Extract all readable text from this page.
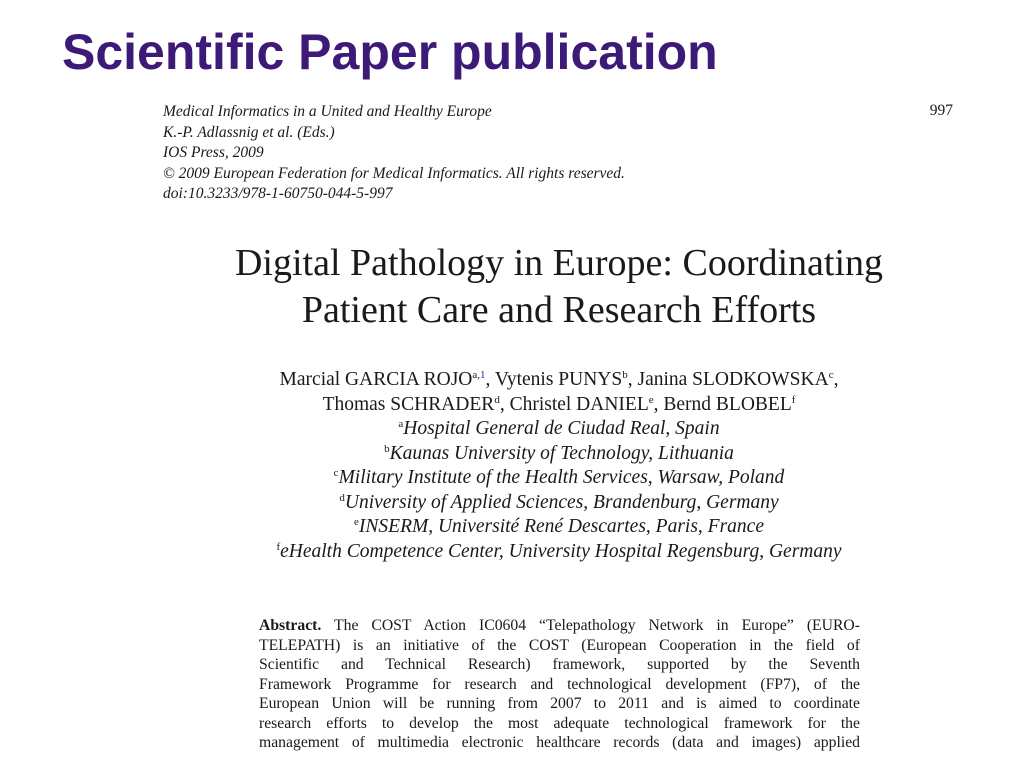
Scientific Paper publication
Medical Informatics in a United and Healthy Europe
K.-P. Adlassnig et al. (Eds.)
IOS Press, 2009
© 2009 European Federation for Medical Informatics. All rights reserved.
doi:10.3233/978-1-60750-044-5-997
997
Digital Pathology in Europe: Coordinating
Patient Care and Research Efforts
Marcial GARCIA ROJO$^{a,1}$, Vytenis PUNYS$^b$, Janina SLODKOWSKA$^c$,
Thomas SCHRADER$^d$, Christel DANIEL$^e$, Bernd BLOBEL$^f$
$^a$Hospital General de Ciudad Real, Spain
$^b$Kaunas University of Technology, Lithuania
$^c$Military Institute of the Health Services, Warsaw, Poland
$^d$University of Applied Sciences, Brandenburg, Germany
$^e$INSERM, Université René Descartes, Paris, France
$^f$eHealth Competence Center, University Hospital Regensburg, Germany
Abstract. The COST Action IC0604 “Telepathology Network in Europe” (EURO-
TELEPATH) is an initiative of the COST (European Cooperation in the field of
Scientific and Technical Research) framework, supported by the Seventh
Framework Programme for research and technological development (FP7), of the
European Union will be running from 2007 to 2011 and is aimed to coordinate
research efforts to develop the most adequate technological framework for the
management of multimedia electronic healthcare records (data and images) applied
